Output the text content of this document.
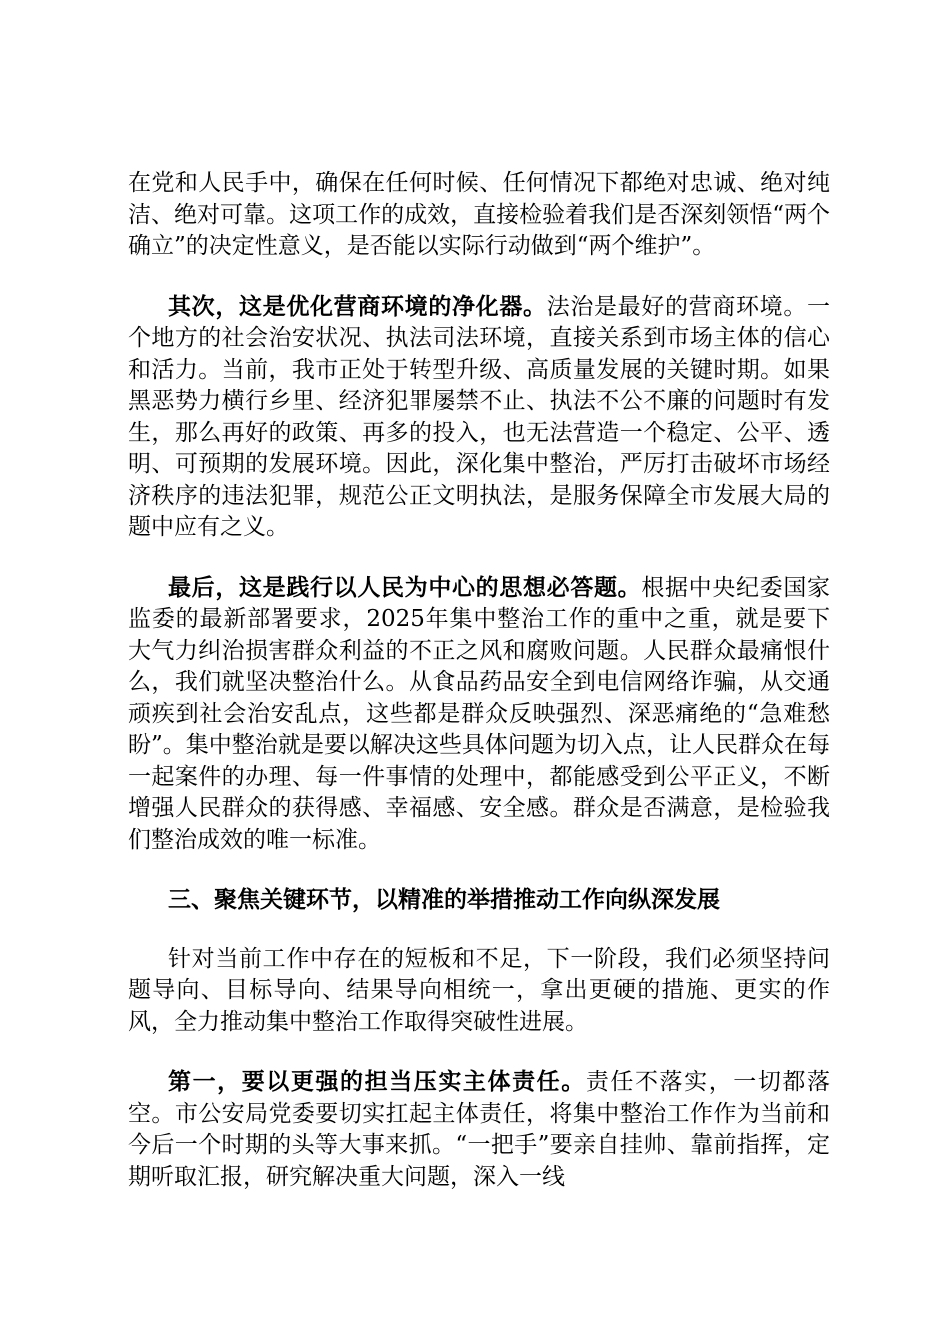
在党和人民手中，确保在任何时候、任何情况下都绝对忠诚、绝对纯洁、绝对可靠。这项工作的成效，直接检验着我们是否深刻领悟“两个确立”的决定性意义，是否能以实际行动做到“两个维护”。

其次，这是优化营商环境的净化器。法治是最好的营商环境。一个地方的社会治安状况、执法司法环境，直接关系到市场主体的信心和活力。当前，我市正处于转型升级、高质量发展的关键时期。如果黑恶势力横行乡里、经济犯罪屡禁不止、执法不公不廉的问题时有发生，那么再好的政策、再多的投入，也无法营造一个稳定、公平、透明、可预期的发展环境。因此，深化集中整治，严厉打击破坏市场经济秩序的违法犯罪，规范公正文明执法，是服务保障全市发展大局的题中应有之义。

最后，这是践行以人民为中心的思想必答题。根据中央纪委国家监委的最新部署要求，2025年集中整治工作的重中之重，就是要下大气力纠治损害群众利益的不正之风和腐败问题。人民群众最痛恨什么，我们就坚决整治什么。从食品药品安全到电信网络诈骗，从交通顽疾到社会治安乱点，这些都是群众反映强烈、深恶痛绝的“急难愁盼”。集中整治就是要以解决这些具体问题为切入点，让人民群众在每一起案件的办理、每一件事情的处理中，都能感受到公平正义，不断增强人民群众的获得感、幸福感、安全感。群众是否满意，是检验我们整治成效的唯一标准。

三、聚焦关键环节，以精准的举措推动工作向纵深发展

针对当前工作中存在的短板和不足，下一阶段，我们必须坚持问题导向、目标导向、结果导向相统一，拿出更硬的措施、更实的作风，全力推动集中整治工作取得突破性进展。

第一，要以更强的担当压实主体责任。责任不落实，一切都落空。市公安局党委要切实扛起主体责任，将集中整治工作作为当前和今后一个时期的头等大事来抓。“一把手”要亲自挂帅、靠前指挥，定期听取汇报，研究解决重大问题，深入一线
